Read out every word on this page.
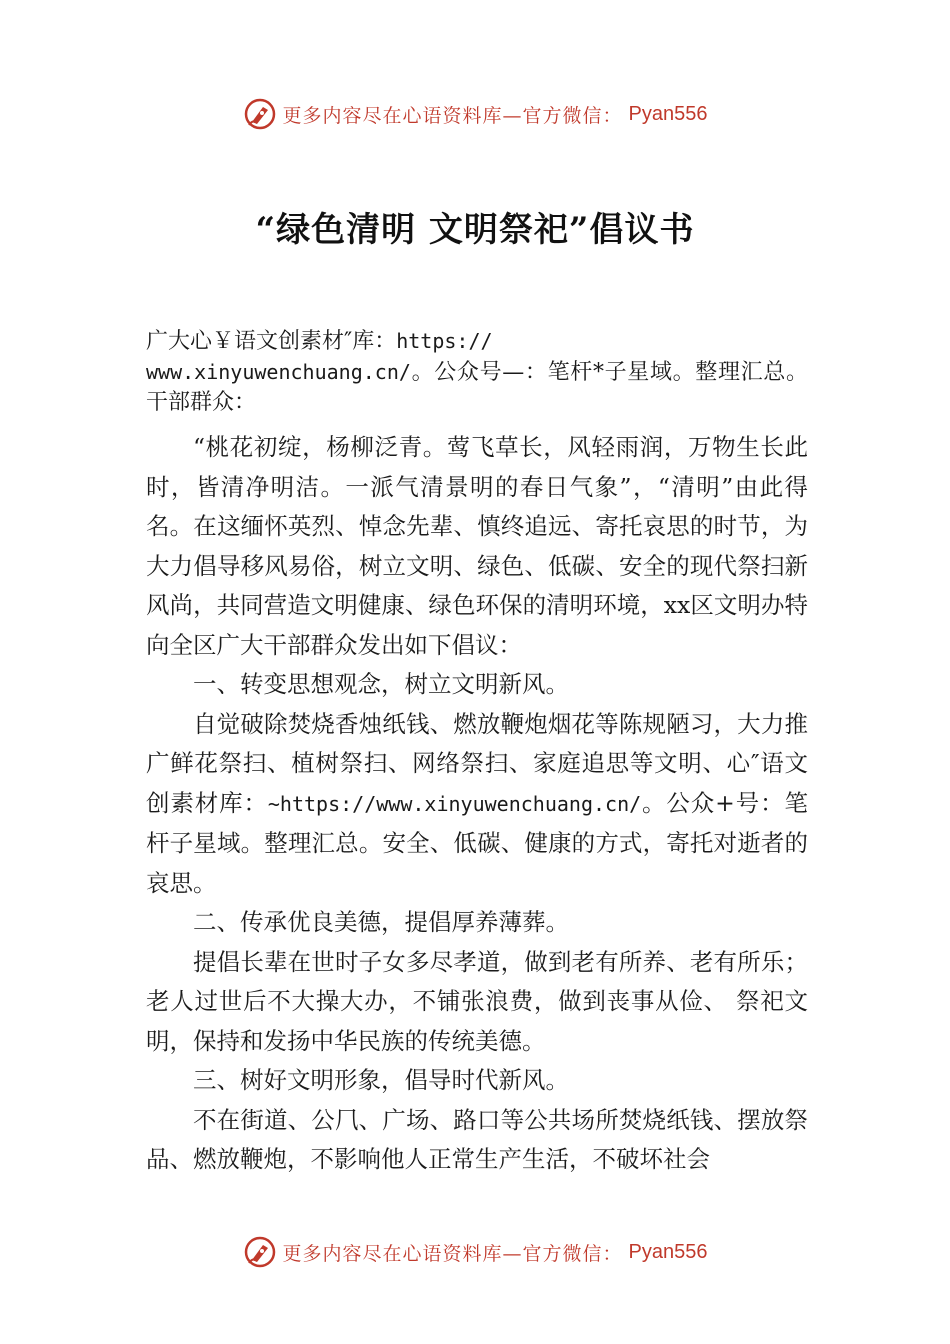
更多内容尽在心语资料库—官方微信： Pyan556
“绿色清明 文明祭祀”倡议书

广大心￥语文创素材″库：https://
www.xinyuwenchuang.cn/。公众号—：笔杆*子星域。整理汇总。干部群众：

“桃花初绽，杨柳泛青。莺飞草长，风轻雨润，万物生长此时，皆清净明洁。一派气清景明的春日气象”，“清明”由此得名。在这缅怀英烈、悼念先辈、慎终追远、寄托哀思的时节，为大力倡导移风易俗，树立文明、绿色、低碳、安全的现代祭扫新风尚，共同营造文明健康、绿色环保的清明环境，xx区文明办特向全区广大干部群众发出如下倡议：

一、转变思想观念，树立文明新风。

自觉破除焚烧香烛纸钱、燃放鞭炮烟花等陈规陋习，大力推广鲜花祭扫、植树祭扫、网络祭扫、家庭追思等文明、心″语文创素材库：~https://www.xinyuwenchuang.cn/。公众+号：笔杆子星域。整理汇总。安全、低碳、健康的方式，寄托对逝者的哀思。

二、传承优良美德，提倡厚养薄葬。

提倡长辈在世时子女多尽孝道，做到老有所养、老有所乐；老人过世后不大操大办，不铺张浪费，做到丧事从俭、 祭祀文明，保持和发扬中华民族的传统美德。

三、树好文明形象，倡导时代新风。

不在街道、公⺇、广场、路口等公共场所焚烧纸钱、摆放祭品、燃放鞭炮，不影响他人正常生产生活，不破坏社会

更多内容尽在心语资料库—官方微信： Pyan556
